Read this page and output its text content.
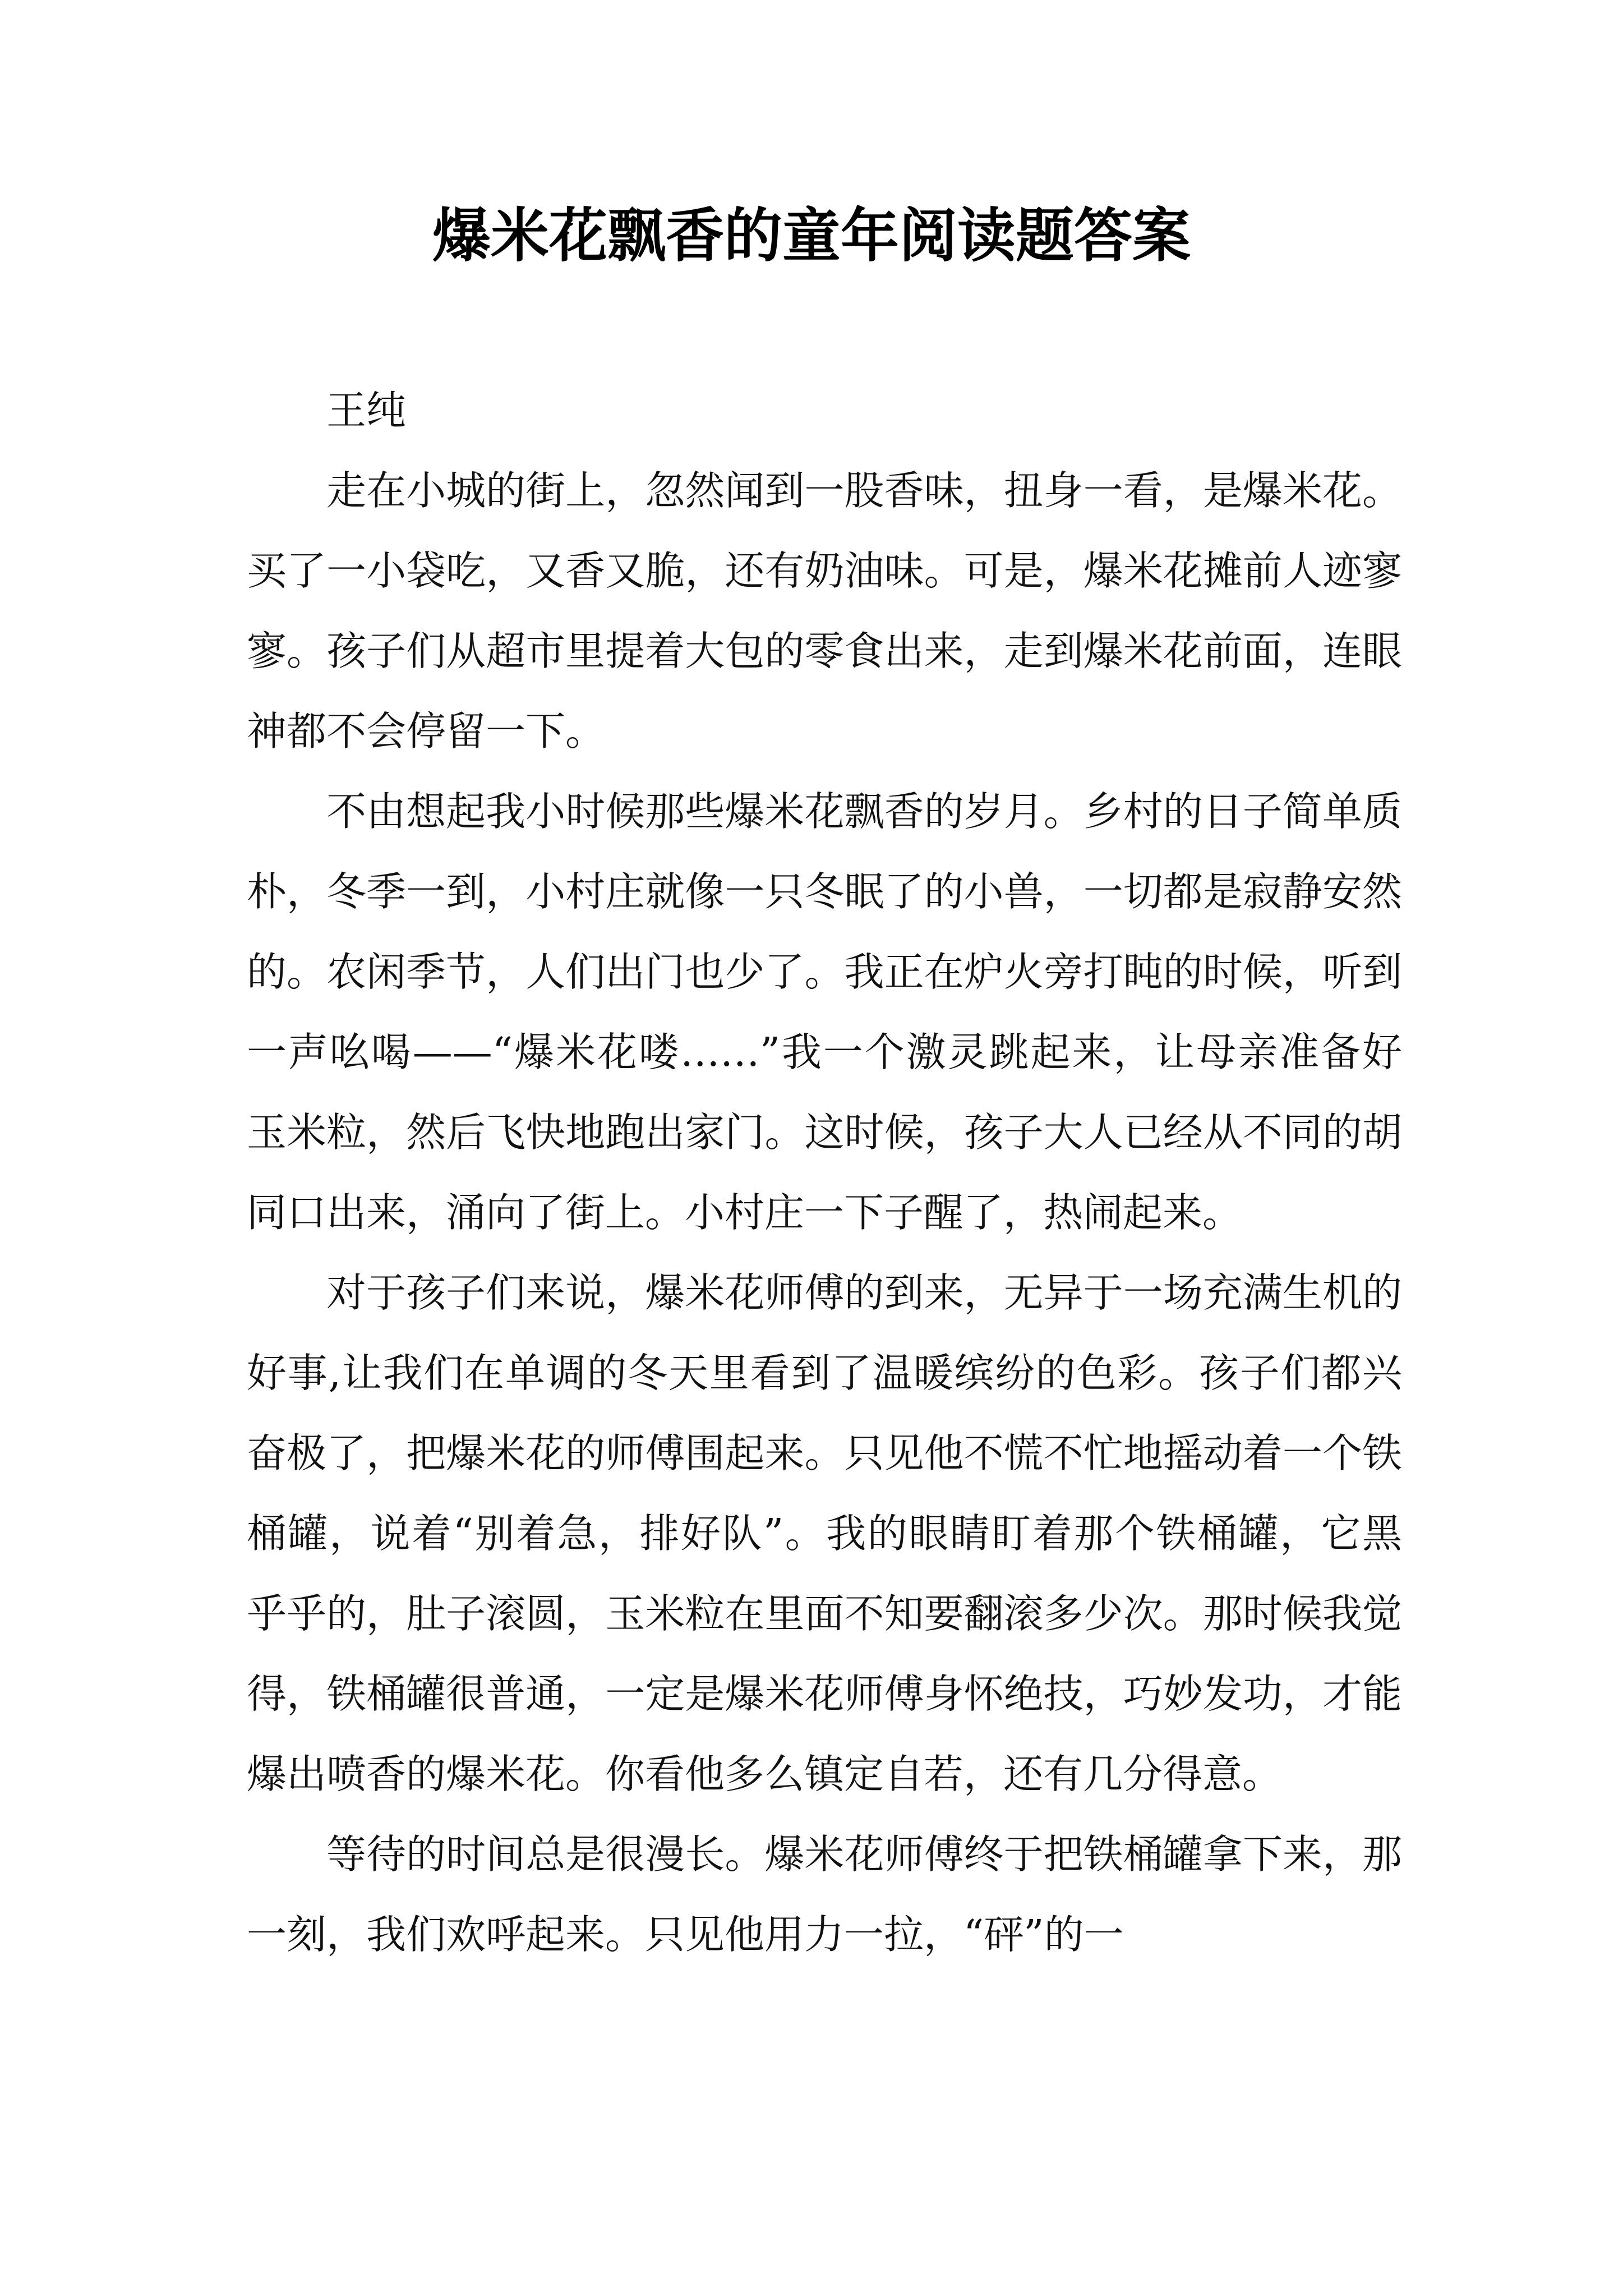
爆米花飘香的童年阅读题答案

王纯

走在小城的街上，忽然闻到一股香味，扭身一看，是爆米花。买了一小袋吃，又香又脆，还有奶油味。可是，爆米花摊前人迹寥寥。孩子们从超市里提着大包的零食出来，走到爆米花前面，连眼神都不会停留一下。

不由想起我小时候那些爆米花飘香的岁月。乡村的日子简单质 朴，冬季一到，小村庄就像一只冬眠了的小兽，一切都是寂静安然的。农闲季节，人们出门也少了。我正在炉火旁打盹的时候，听到一声吆喝——“爆米花喽……”我一个激灵跳起来，让母亲准备好玉米粒，然后飞快地跑出家门。这时候，孩子大人已经从不同的胡同口出来，涌向了街上。小村庄一下子醒了，热闹起来。

对于孩子们来说，爆米花师傅的到来，无异于一场充满生机的好事,让我们在单调的冬天里看到了温暖缤纷的色彩。孩子们都兴奋极了，把爆米花的师傅围起来。只见他不慌不忙地摇动着一个铁桶罐，说着“别着急，排好队”。我的眼睛盯着那个铁桶罐，它黑乎乎的，肚子滚圆，玉米粒在里面不知要翻滚多少次。那时候我觉得，铁桶罐很普通，一定是爆米花师傅身怀绝技，巧妙发功，才能爆出喷香的爆米花。你看他多么镇定自若，还有几分得意。

等待的时间总是很漫长。爆米花师傅终于把铁桶罐拿下来，那一刻，我们欢呼起来。只见他用力一拉，“砰”的一
